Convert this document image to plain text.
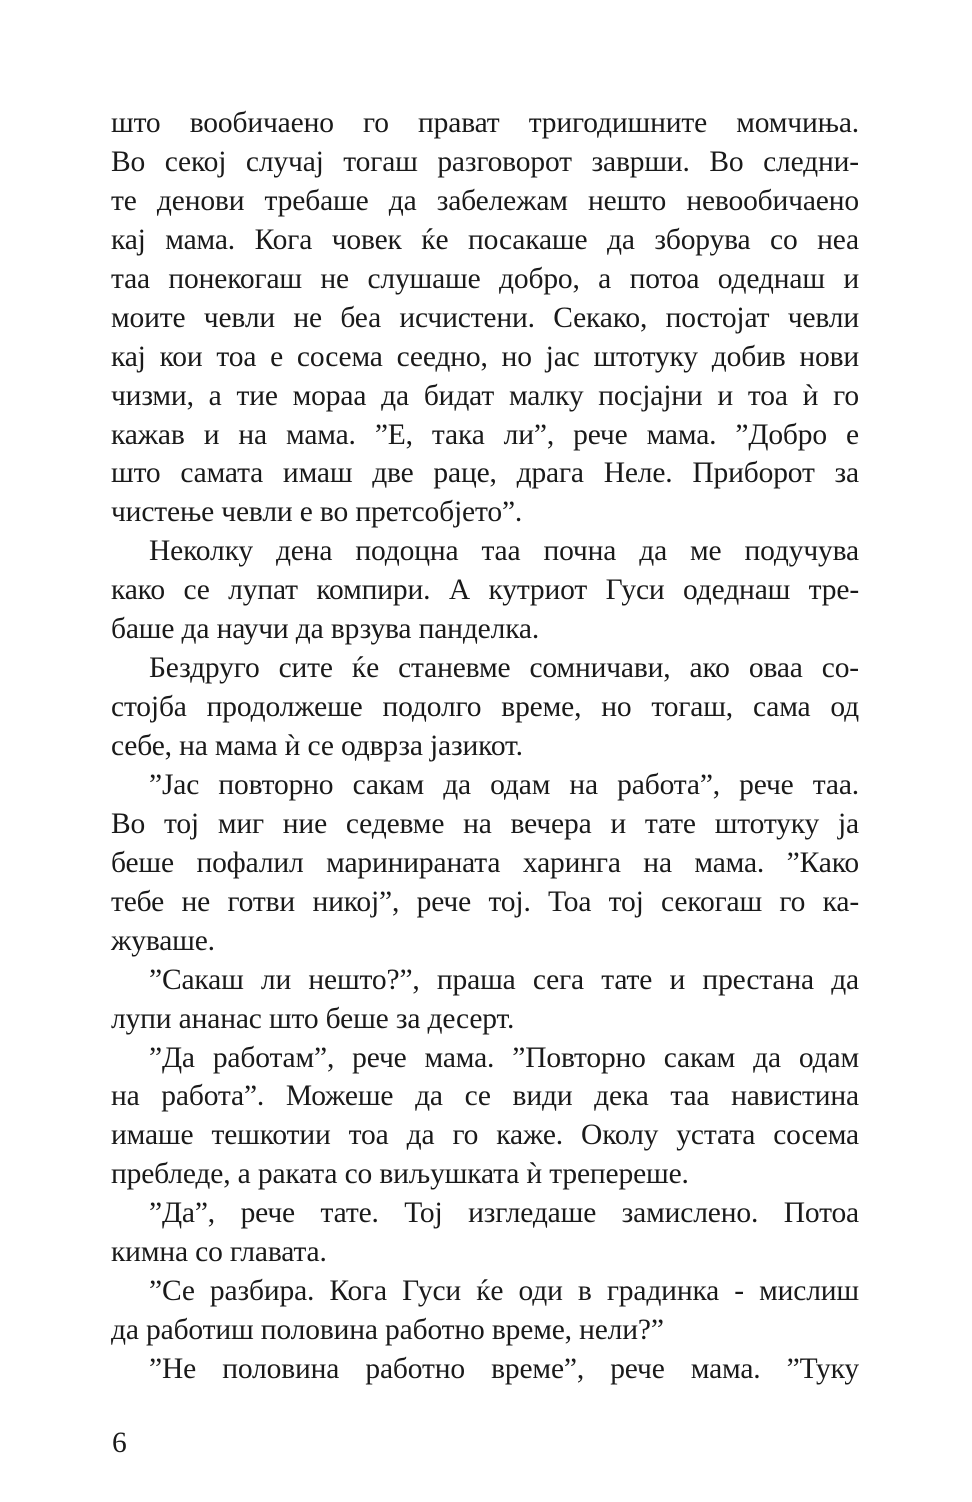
што вообичаено го прават тригодишните момчиња.
Во секој случај тогаш разговорот заврши. Во следни-
те денови требаше да забележам нешто невообичаено
кај мама. Кога човек ќе посакаше да зборува со неа
таа понекогаш не слушаше добро, а потоа одеднаш и
моите чевли не беа исчистени. Секако, постојат чевли
кај кои тоа е сосема сеедно, но јас штотуку добив нови
чизми, а тие мораа да бидат малку посјајни и тоа ѝ го
кажав и на мама. ”Е, така ли”, рече мама. ”Добро е
што самата имаш две раце, драга Неле. Приборот за
чистење чевли е во претсобјето”.
Неколку дена подоцна таа почна да ме подучува
како се лупат компири. А кутриот Гуси одеднаш тре-
баше да научи да врзува панделка.
Бездруго сите ќе станевме сомничави, ако оваа со-
стојба продолжеше подолго време, но тогаш, сама од
себе, на мама ѝ се одврза јазикот.
”Јас повторно сакам да одам на работа”, рече таа.
Во тој миг ние седевме на вечера и тате штотуку ја
беше пофалил маринираната харинга на мама. ”Како
тебе не готви никој”, рече тој. Тоа тој секогаш го ка-
жуваше.
”Сакаш ли нешто?”, праша сега тате и престана да
лупи ананас што беше за десерт.
”Да работам”, рече мама. ”Повторно сакам да одам
на работа”. Можеше да се види дека таа навистина
имаше тешкотии тоа да го каже. Околу устата сосема
пребледе, а раката со виљушката ѝ треперeше.
”Да”, рече тате. Тој изгледаше замислено. Потоа
кимна со главата.
”Се разбира. Кога Гуси ќе оди в градинка - мислиш
да работиш половина работно време, нели?”
”Не половина работно време”, рече мама. ”Туку
6
